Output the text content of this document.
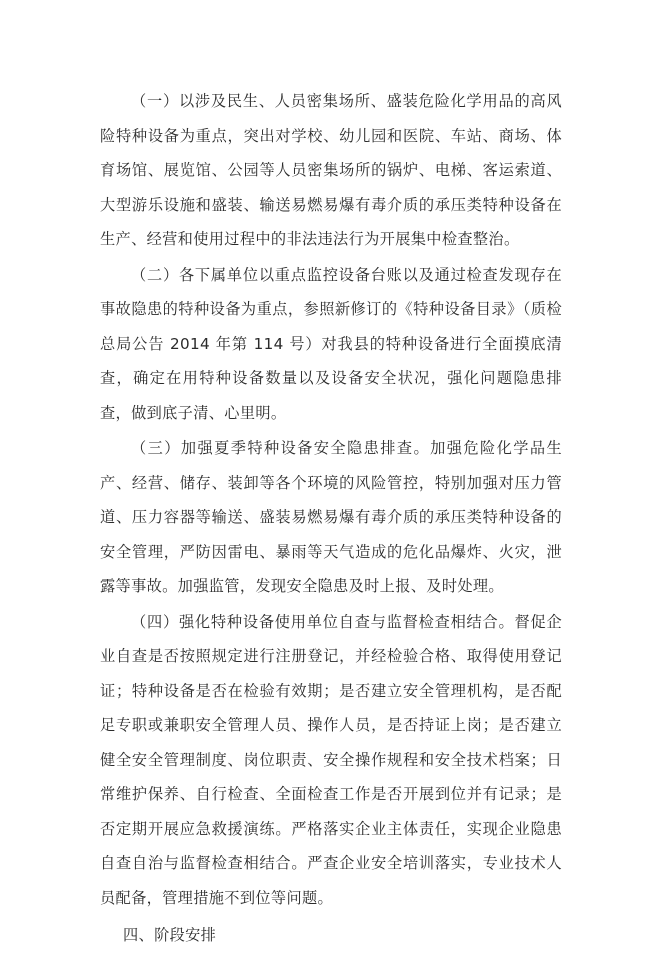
（一）以涉及民生、人员密集场所、盛装危险化学用品的高风险特种设备为重点，突出对学校、幼儿园和医院、车站、商场、体育场馆、展览馆、公园等人员密集场所的锅炉、电梯、客运索道、大型游乐设施和盛装、输送易燃易爆有毒介质的承压类特种设备在生产、经营和使用过程中的非法违法行为开展集中检查整治。

（二）各下属单位以重点监控设备台账以及通过检查发现存在事故隐患的特种设备为重点，参照新修订的《特种设备目录》（质检总局公告 2014 年第 114 号）对我县的特种设备进行全面摸底清查，确定在用特种设备数量以及设备安全状况，强化问题隐患排查，做到底子清、心里明。

（三）加强夏季特种设备安全隐患排查。加强危险化学品生产、经营、储存、装卸等各个环境的风险管控，特别加强对压力管道、压力容器等输送、盛装易燃易爆有毒介质的承压类特种设备的安全管理，严防因雷电、暴雨等天气造成的危化品爆炸、火灾，泄露等事故。加强监管，发现安全隐患及时上报、及时处理。

（四）强化特种设备使用单位自查与监督检查相结合。督促企业自查是否按照规定进行注册登记，并经检验合格、取得使用登记证；特种设备是否在检验有效期；是否建立安全管理机构，是否配足专职或兼职安全管理人员、操作人员，是否持证上岗；是否建立健全安全管理制度、岗位职责、安全操作规程和安全技术档案；日常维护保养、自行检查、全面检查工作是否开展到位并有记录；是否定期开展应急救援演练。严格落实企业主体责任，实现企业隐患自查自治与监督检查相结合。严查企业安全培训落实，专业技术人员配备，管理措施不到位等问题。

四、阶段安排
